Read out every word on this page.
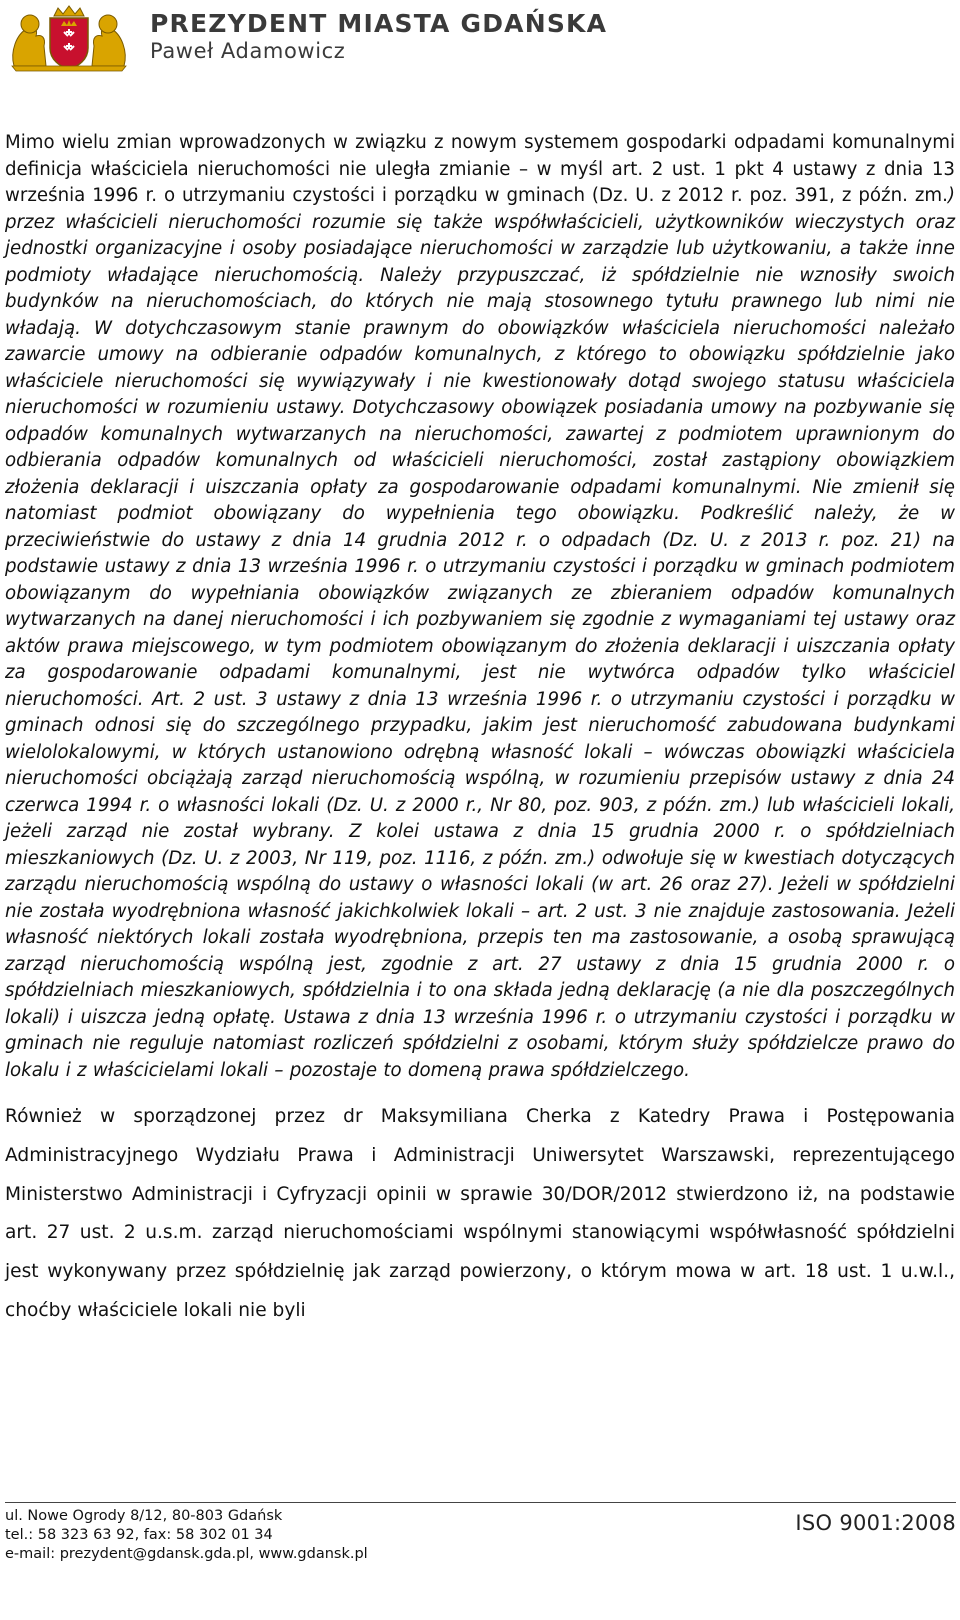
PREZYDENT MIASTA GDAŃSKA
Paweł Adamowicz

Mimo wielu zmian wprowadzonych w związku z nowym systemem gospodarki odpadami komunalnymi definicja właściciela nieruchomości nie uległa zmianie – w myśl art. 2 ust. 1 pkt 4 ustawy z dnia 13 września 1996 r. o utrzymaniu czystości i porządku w gminach (Dz. U. z 2012 r. poz. 391, z późn. zm.) przez właścicieli nieruchomości rozumie się także współwłaścicieli, użytkowników wieczystych oraz jednostki organizacyjne i osoby posiadające nieruchomości w zarządzie lub użytkowaniu, a także inne podmioty władające nieruchomością. Należy przypuszczać, iż spółdzielnie nie wznosiły swoich budynków na nieruchomościach, do których nie mają stosownego tytułu prawnego lub nimi nie władają. W dotychczasowym stanie prawnym do obowiązków właściciela nieruchomości należało zawarcie umowy na odbieranie odpadów komunalnych, z którego to obowiązku spółdzielnie jako właściciele nieruchomości się wywiązywały i nie kwestionowały dotąd swojego statusu właściciela nieruchomości w rozumieniu ustawy. Dotychczasowy obowiązek posiadania umowy na pozbywanie się odpadów komunalnych wytwarzanych na nieruchomości, zawartej z podmiotem uprawnionym do odbierania odpadów komunalnych od właścicieli nieruchomości, został zastąpiony obowiązkiem złożenia deklaracji i uiszczania opłaty za gospodarowanie odpadami komunalnymi. Nie zmienił się natomiast podmiot obowiązany do wypełnienia tego obowiązku. Podkreślić należy, że w przeciwieństwie do ustawy z dnia 14 grudnia 2012 r. o odpadach (Dz. U. z 2013 r. poz. 21) na podstawie ustawy z dnia 13 września 1996 r. o utrzymaniu czystości i porządku w gminach podmiotem obowiązanym do wypełniania obowiązków związanych ze zbieraniem odpadów komunalnych wytwarzanych na danej nieruchomości i ich pozbywaniem się zgodnie z wymaganiami tej ustawy oraz aktów prawa miejscowego, w tym podmiotem obowiązanym do złożenia deklaracji i uiszczania opłaty za gospodarowanie odpadami komunalnymi, jest nie wytwórca odpadów tylko właściciel nieruchomości. Art. 2 ust. 3 ustawy z dnia 13 września 1996 r. o utrzymaniu czystości i porządku w gminach odnosi się do szczególnego przypadku, jakim jest nieruchomość zabudowana budynkami wielolokalowymi, w których ustanowiono odrębną własność lokali – wówczas obowiązki właściciela nieruchomości obciążają zarząd nieruchomością wspólną, w rozumieniu przepisów ustawy z dnia 24 czerwca 1994 r. o własności lokali (Dz. U. z 2000 r., Nr 80, poz. 903, z późn. zm.) lub właścicieli lokali, jeżeli zarząd nie został wybrany. Z kolei ustawa z dnia 15 grudnia 2000 r. o spółdzielniach mieszkaniowych (Dz. U. z 2003, Nr 119, poz. 1116, z późn. zm.) odwołuje się w kwestiach dotyczących zarządu nieruchomością wspólną do ustawy o własności lokali (w art. 26 oraz 27). Jeżeli w spółdzielni nie została wyodrębniona własność jakichkolwiek lokali – art. 2 ust. 3 nie znajduje zastosowania. Jeżeli własność niektórych lokali została wyodrębniona, przepis ten ma zastosowanie, a osobą sprawującą zarząd nieruchomością wspólną jest, zgodnie z art. 27 ustawy z dnia 15 grudnia 2000 r. o spółdzielniach mieszkaniowych, spółdzielnia i to ona składa jedną deklarację (a nie dla poszczególnych lokali) i uiszcza jedną opłatę. Ustawa z dnia 13 września 1996 r. o utrzymaniu czystości i porządku w gminach nie reguluje natomiast rozliczeń spółdzielni z osobami, którym służy spółdzielcze prawo do lokalu i z właścicielami lokali – pozostaje to domeną prawa spółdzielczego.

Również w sporządzonej przez dr Maksymiliana Cherka z Katedry Prawa i Postępowania Administracyjnego Wydziału Prawa i Administracji Uniwersytet Warszawski, reprezentującego Ministerstwo Administracji i Cyfryzacji opinii w sprawie 30/DOR/2012 stwierdzono iż, na podstawie art. 27 ust. 2 u.s.m. zarząd nieruchomościami wspólnymi stanowiącymi współwłasność spółdzielni jest wykonywany przez spółdzielnię jak zarząd powierzony, o którym mowa w art. 18 ust. 1 u.w.l., choćby właściciele lokali nie byli

ul. Nowe Ogrody 8/12, 80-803 Gdańsk
tel.: 58 323 63 92, fax: 58 302 01 34
e-mail: prezydent@gdansk.gda.pl, www.gdansk.pl
ISO 9001:2008
